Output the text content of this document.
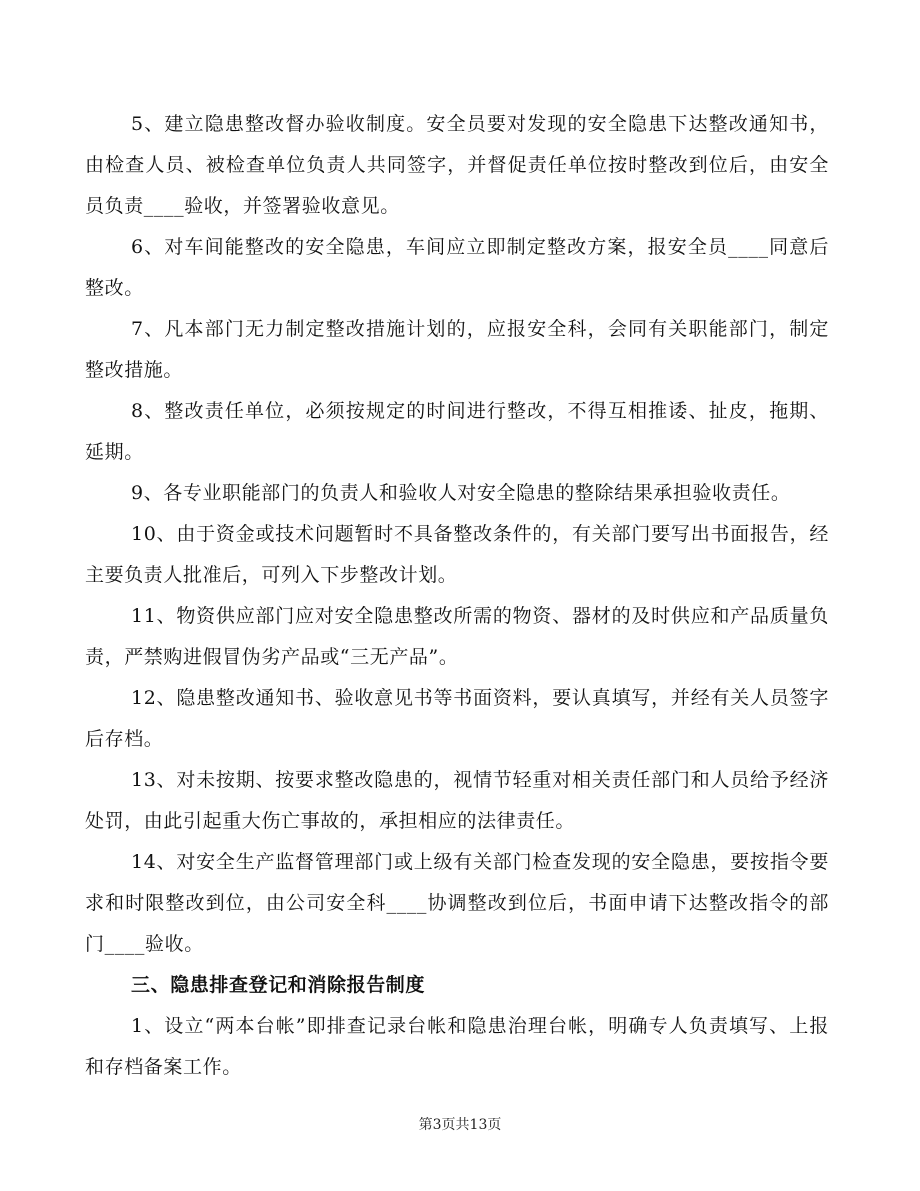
5、建立隐患整改督办验收制度。安全员要对发现的安全隐患下达整改通知书，由检查人员、被检查单位负责人共同签字，并督促责任单位按时整改到位后，由安全员负责____验收，并签署验收意见。

6、对车间能整改的安全隐患，车间应立即制定整改方案，报安全员____同意后整改。

7、凡本部门无力制定整改措施计划的，应报安全科，会同有关职能部门，制定整改措施。

8、整改责任单位，必须按规定的时间进行整改，不得互相推诿、扯皮，拖期、延期。

9、各专业职能部门的负责人和验收人对安全隐患的整除结果承担验收责任。

10、由于资金或技术问题暂时不具备整改条件的，有关部门要写出书面报告，经主要负责人批准后，可列入下步整改计划。

11、物资供应部门应对安全隐患整改所需的物资、器材的及时供应和产品质量负责，严禁购进假冒伪劣产品或“三无产品”。

12、隐患整改通知书、验收意见书等书面资料，要认真填写，并经有关人员签字后存档。

13、对未按期、按要求整改隐患的，视情节轻重对相关责任部门和人员给予经济处罚，由此引起重大伤亡事故的，承担相应的法律责任。

14、对安全生产监督管理部门或上级有关部门检查发现的安全隐患，要按指令要求和时限整改到位，由公司安全科____协调整改到位后，书面申请下达整改指令的部门____验收。

三、隐患排查登记和消除报告制度

1、设立“两本台帐”即排查记录台帐和隐患治理台帐，明确专人负责填写、上报和存档备案工作。

第3页共13页
